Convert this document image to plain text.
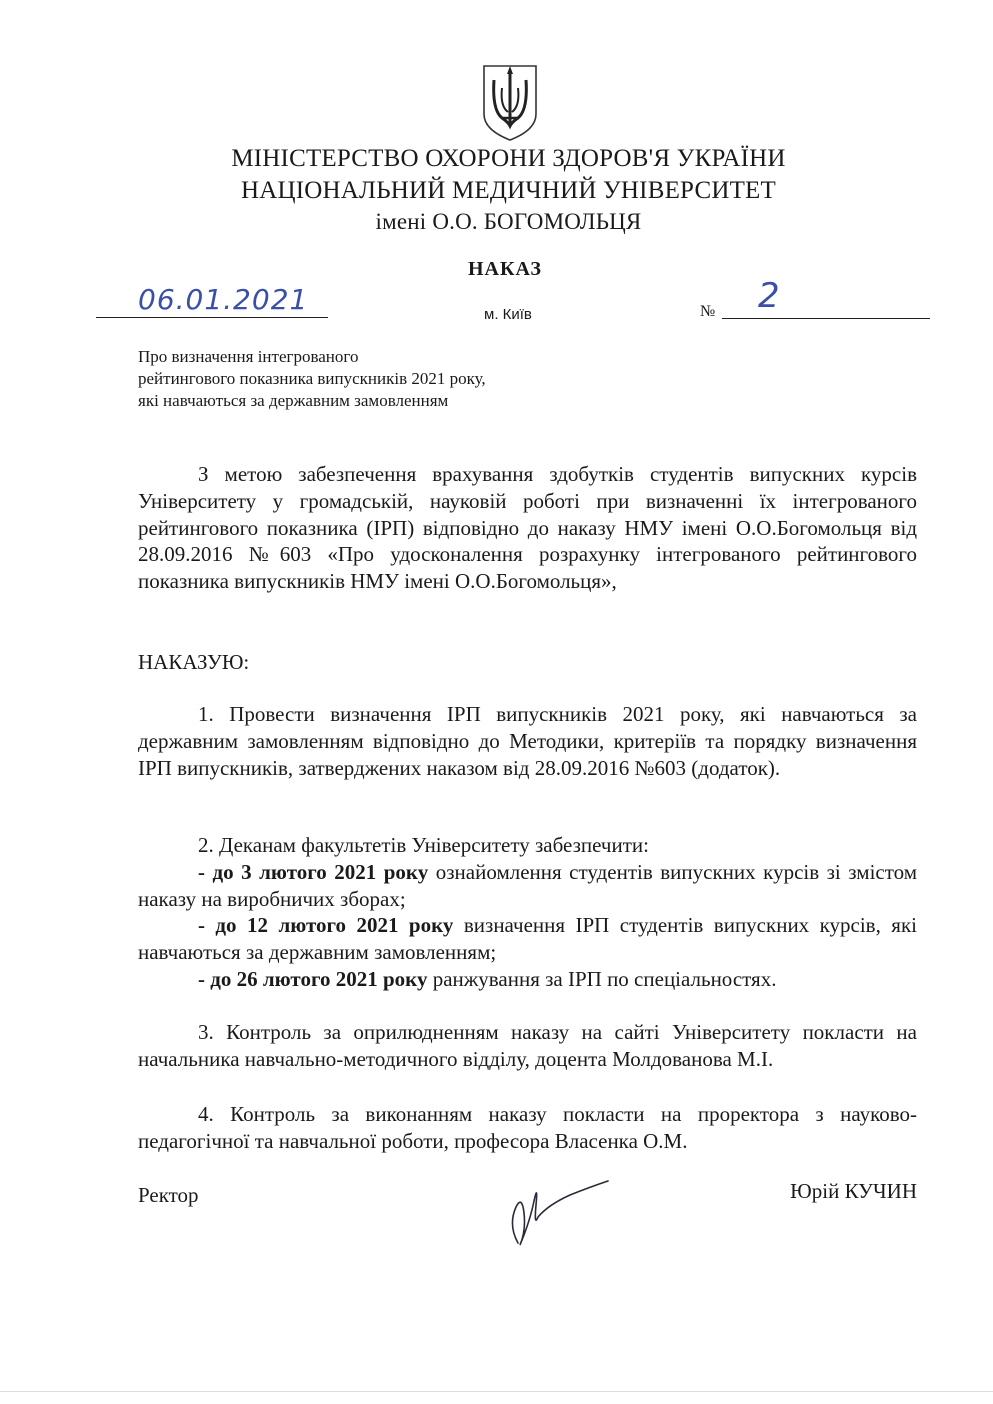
МІНІСТЕРСТВО ОХОРОНИ ЗДОРОВ'Я УКРАЇНИ
НАЦІОНАЛЬНИЙ МЕДИЧНИЙ УНІВЕРСИТЕТ
імені О.О. БОГОМОЛЬЦЯ
НАКАЗ
06.01.2021	м. Київ	№ 2
Про визначення інтегрованого
рейтингового показника випускників 2021 року,
які навчаються за державним замовленням
З метою забезпечення врахування здобутків студентів випускних курсів Університету у громадській, науковій роботі при визначенні їх інтегрованого рейтингового показника (ІРП) відповідно до наказу НМУ імені О.О.Богомольця від 28.09.2016 №603 «Про удосконалення розрахунку інтегрованого рейтингового показника випускників НМУ імені О.О.Богомольця»,
НАКАЗУЮ:
1. Провести визначення ІРП випускників 2021 року, які навчаються за державним замовленням відповідно до Методики, критеріїв та порядку визначення ІРП випускників, затверджених наказом від 28.09.2016 №603 (додаток).
2. Деканам факультетів Університету забезпечити:
- до 3 лютого 2021 року ознайомлення студентів випускних курсів зі змістом наказу на виробничих зборах;
- до 12 лютого 2021 року визначення ІРП студентів випускних курсів, які навчаються за державним замовленням;
- до 26 лютого 2021 року ранжування за ІРП по спеціальностях.
3. Контроль за оприлюдненням наказу на сайті Університету покласти на начальника навчально-методичного відділу, доцента Молдованова М.І.
4. Контроль за виконанням наказу покласти на проректора з науково-педагогічної та навчальної роботи, професора Власенка О.М.
Ректор	Юрій КУЧИН
